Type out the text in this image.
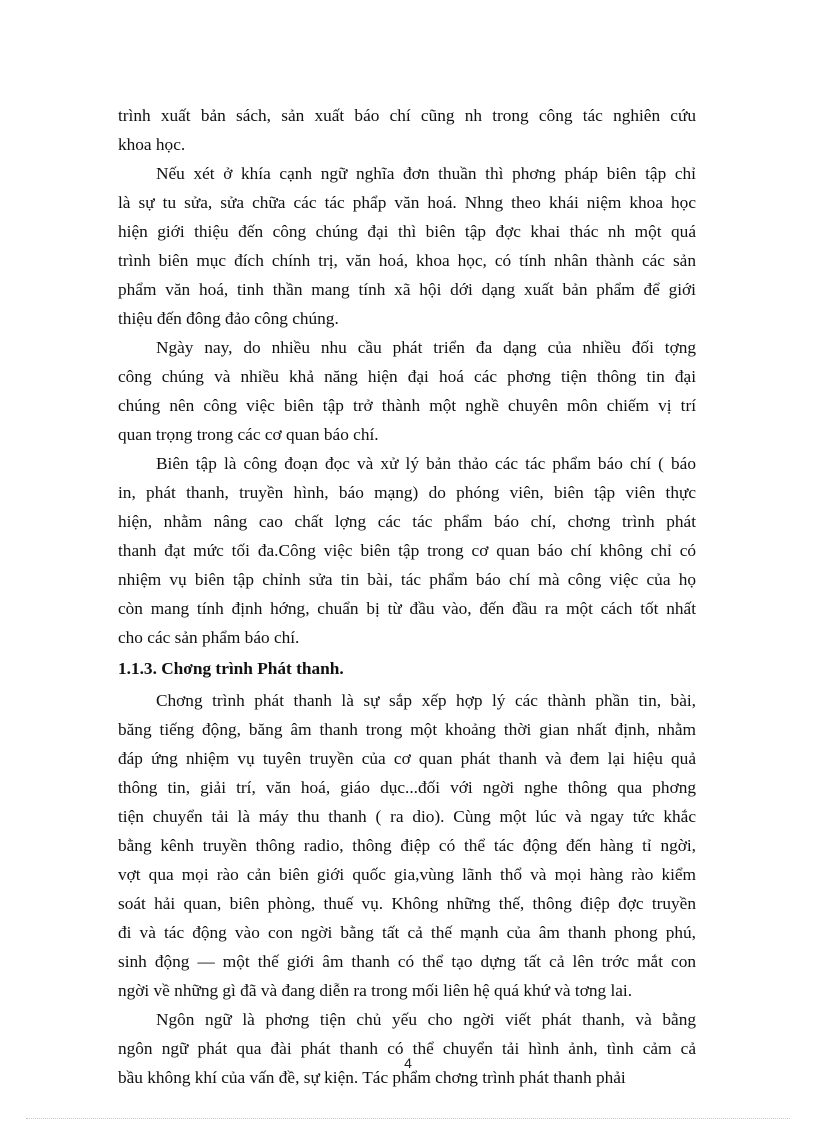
trình xuất bản sách, sản xuất báo chí cũng nh trong công tác nghiên cứu
khoa học.
Nếu xét ở khía cạnh ngữ nghĩa đơn thuần thì phơng pháp biên tập chỉ
là sự tu sửa, sửa chữa các tác phẩp văn hoá. Nhng theo khái niệm khoa học
hiện giới thiệu đến công chúng đại thì biên tập đợc khai thác nh một quá
trình biên mục đích chính trị, văn hoá, khoa học, có tính nhân thành các sản
phẩm văn hoá, tinh thần mang tính xã hội dới dạng xuất bản phẩm để giới
thiệu đến đông đảo công chúng.
Ngày nay, do nhiều nhu cầu phát triển đa dạng của nhiều đối tợng
công chúng và nhiều khả năng hiện đại hoá các phơng tiện thông tin đại
chúng nên công việc biên tập trở thành một nghề chuyên môn chiếm vị trí
quan trọng trong các cơ quan báo chí.
Biên tập là công đoạn đọc và xử lý bản thảo các tác phẩm báo chí ( báo
in, phát thanh, truyền hình, báo mạng) do phóng viên, biên tập viên thực
hiện, nhằm nâng cao chất lợng các tác phẩm báo chí, chơng trình phát
thanh đạt mức tối đa.Công việc biên tập trong cơ quan báo chí không chỉ có
nhiệm vụ biên tập chỉnh sửa tin bài, tác phẩm báo chí mà công việc của họ
còn mang tính định hớng, chuẩn bị từ đầu vào, đến đầu ra một cách tốt nhất
cho các sản phẩm báo chí.
1.1.3. Chơng trình Phát thanh.
Chơng trình phát thanh là sự sắp xếp hợp lý các thành phần tin, bài,
băng tiếng động, băng âm thanh trong một khoảng thời gian nhất định, nhằm
đáp ứng nhiệm vụ tuyên truyền của cơ quan phát thanh và đem lại hiệu quả
thông tin, giải trí, văn hoá, giáo dục...đối với ngời nghe thông qua phơng
tiện chuyển tải là máy thu thanh ( ra dio). Cùng một lúc và ngay tức khắc
bằng kênh truyền thông radio, thông điệp có thể tác động đến hàng tỉ ngời,
vợt qua mọi rào cản biên giới quốc gia,vùng lãnh thổ và mọi hàng rào kiểm
soát hải quan, biên phòng, thuế vụ. Không những thế, thông điệp đợc truyền
đi và tác động vào con ngời bằng tất cả thế mạnh của âm thanh phong phú,
sinh động — một thế giới âm thanh có thể tạo dựng tất cả lên trớc mắt con
ngời về những gì đã và đang diễn ra trong mối liên hệ quá khứ và tơng lai.
Ngôn ngữ là phơng tiện chủ yếu cho ngời viết phát thanh, và bằng
ngôn ngữ phát qua đài phát thanh có thể chuyển tải hình ảnh, tình cảm cả
bầu không khí của vấn đề, sự kiện. Tác phẩm chơng trình phát thanh phải
4
